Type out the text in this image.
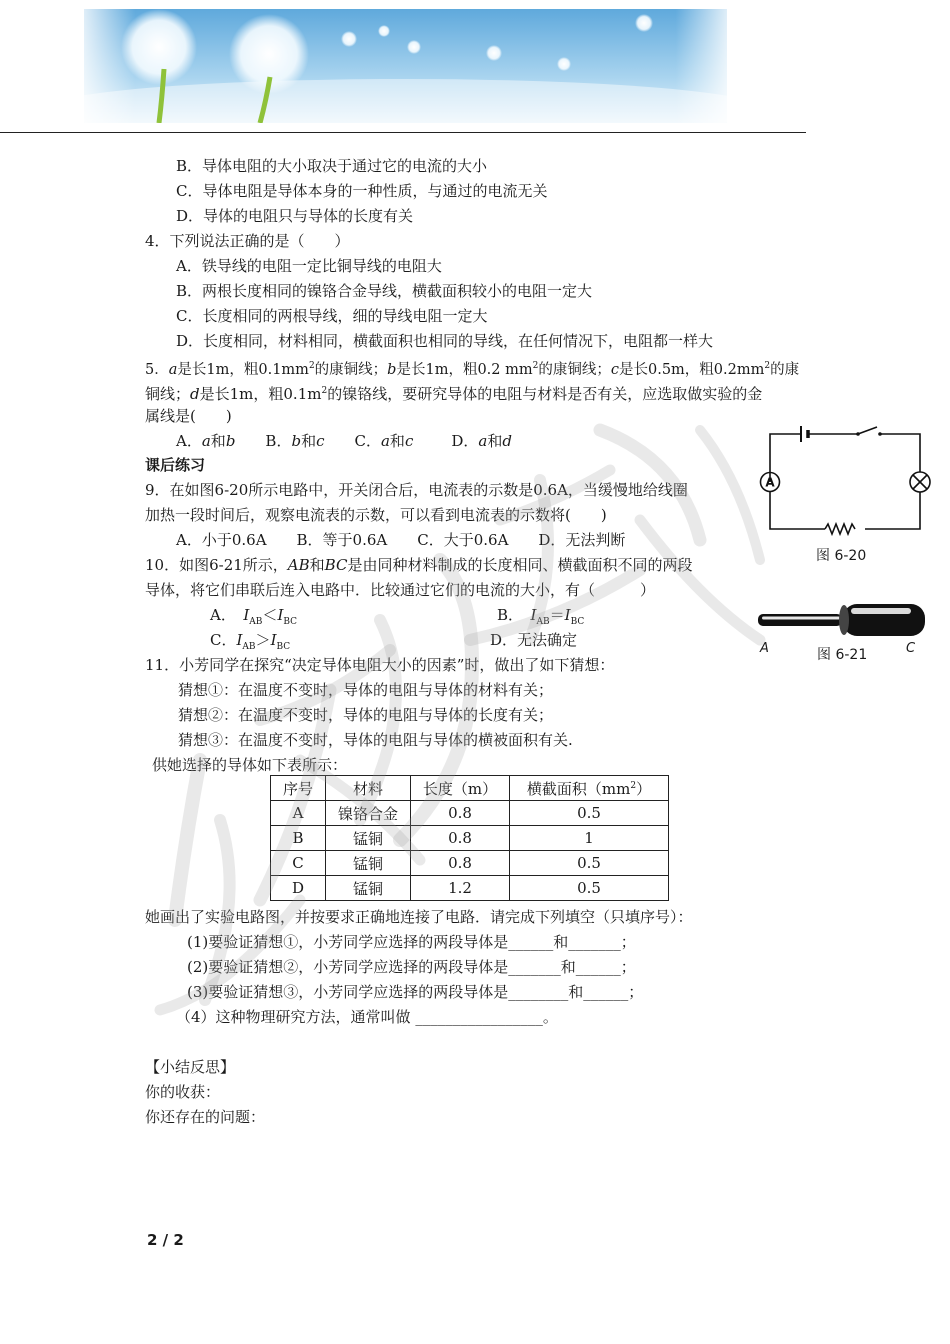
B．导体电阻的大小取决于通过它的电流的大小
C．导体电阻是导体本身的一种性质，与通过的电流无关
D．导体的电阻只与导体的长度有关
4．下列说法正确的是（　　）
A．铁导线的电阻一定比铜导线的电阻大
B．两根长度相同的镍铬合金导线，横截面积较小的电阻一定大
C．长度相同的两根导线，细的导线电阻一定大
D．长度相同，材料相同，横截面积也相同的导线，在任何情况下，电阻都一样大
5．a是长1m，粗$0.1mm^2$的康铜线；b是长1m，粗0.2 $mm^2$的康铜线；c是长0.5m，粗$0.2mm^2$的康
铜线；d是长1m，粗$0.1m^2$的镍铬线，要研究导体的电阻与材料是否有关，应选取做实验的金
属线是(　　)
A．a和b B．b和c C．a和c	D．a和d
课后练习
9．在如图6-20所示电路中，开关闭合后，电流表的示数是0.6A，当缓慢地给线圈
加热一段时间后，观察电流表的示数，可以看到电流表的示数将(　　)
A．小于0.6A　　B．等于0.6A　　C．大于0.6A　　D．无法判断
10．如图6-21所示，AB和BC是由同种材料制成的长度相同、横截面积不同的两段
导体，将它们串联后连入电路中．比较通过它们的电流的大小，有（　　　）
A．　 $I_{AB}<I_{BC}$	B．　 $I_{AB}=I_{BC}$
C．$I_{AB}>I_{BC}$	D．无法确定
A
图 6-20
A	C
图 6-21
11．小芳同学在探究“决定导体电阻大小的因素”时，做出了如下猜想：
猜想①：在温度不变时，导体的电阻与导体的材料有关；
猜想②：在温度不变时，导体的电阻与导体的长度有关；
猜想③：在温度不变时，导体的电阻与导体的横被面积有关.
供她选择的导体如下表所示：
序号	材料	长度（m）	横截面积$(mm^2)$
A	镍铬合金	0.8	0.5
B	锰铜	0.8	1
C	锰铜	0.8	0.5
D	锰铜	1.2	0.5
她画出了实验电路图，并按要求正确地连接了电路．请完成下列填空（只填序号）：
(1)要验证猜想①，小芳同学应选择的两段导体是______和_______；
(2)要验证猜想②，小芳同学应选择的两段导体是_______和______；
(3)要验证猜想③，小芳同学应选择的两段导体是________和______；
（4）这种物理研究方法，通常叫做 _________________。
【小结反思】
你的收获：
你还存在的问题：
2 / 2
